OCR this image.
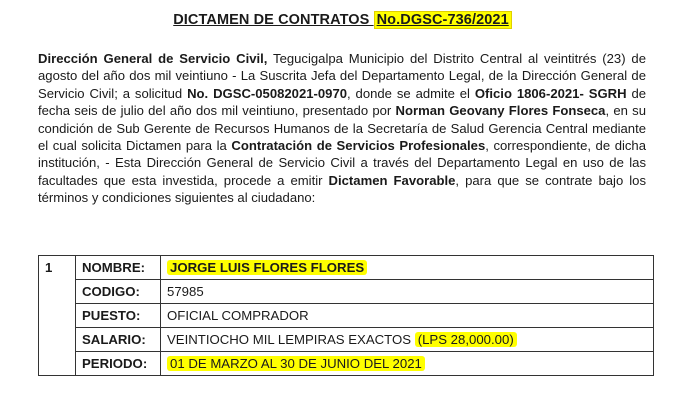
DICTAMEN DE CONTRATOS No.DGSC-736/2021
Dirección General de Servicio Civil, Tegucigalpa Municipio del Distrito Central al veintitrés (23) de agosto del año dos mil veintiuno - La Suscrita Jefa del Departamento Legal, de la Dirección General de Servicio Civil; a solicitud No. DGSC-05082021-0970, donde se admite el Oficio 1806-2021- SGRH de fecha seis de julio del año dos mil veintiuno, presentado por Norman Geovany Flores Fonseca, en su condición de Sub Gerente de Recursos Humanos de la Secretaría de Salud Gerencia Central mediante el cual solicita Dictamen para la Contratación de Servicios Profesionales, correspondiente, de dicha institución, - Esta Dirección General de Servicio Civil a través del Departamento Legal en uso de las facultades que esta investida, procede a emitir Dictamen Favorable, para que se contrate bajo los términos y condiciones siguientes al ciudadano:
1	NOMBRE:	JORGE LUIS FLORES FLORES
	CODIGO:	57985
	PUESTO:	OFICIAL COMPRADOR
	SALARIO:	VEINTIOCHO MIL LEMPIRAS EXACTOS (LPS 28,000.00)
	PERIODO:	01 DE MARZO AL 30 DE JUNIO DEL 2021
